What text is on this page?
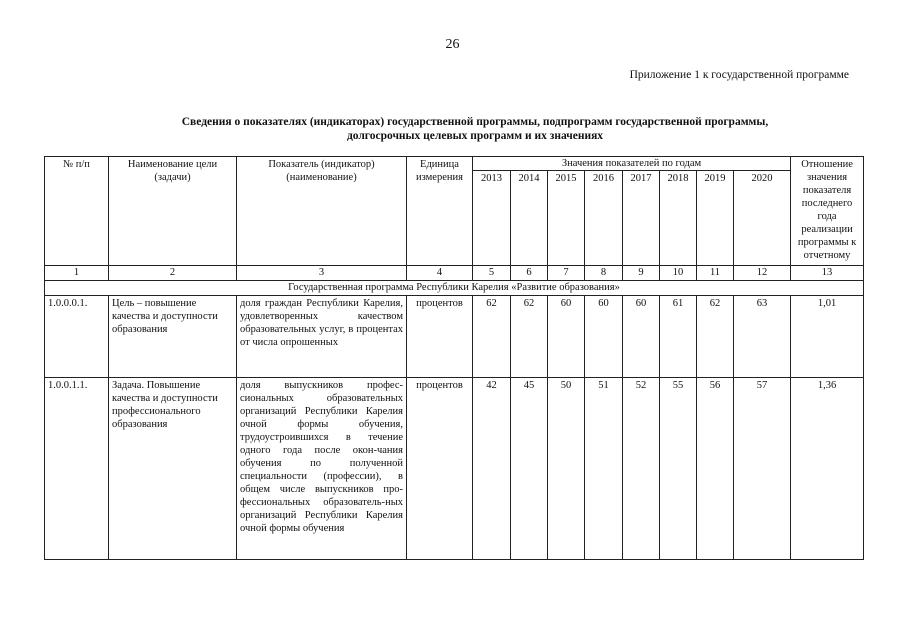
26
Приложение 1 к государственной программе
Сведения о показателях (индикаторах) государственной программы, подпрограмм государственной программы,
долгосрочных целевых программ и их значениях
№ п/п	Наименование цели (задачи)	Показатель (индикатор) (наименование)	Единица измерения	Значения показателей по годам								Отношение значения показателя последнего года реализации программы к отчетному
				2013	2014	2015	2016	2017	2018	2019	2020	
1	2	3	4	5	6	7	8	9	10	11	12	13
Государственная программа Республики Карелия «Развитие образования»												
1.0.0.0.1.	Цель – повышение качества и доступности образования	доля граждан Республики Карелия, удовлетворенных качеством образовательных услуг, в процентах от числа опрошенных	процентов	62	62	60	60	60	61	62	63	1,01
1.0.0.1.1.	Задача. Повышение качества и доступности профессионального образования	доля выпускников профес-сиональных образовательных организаций Республики Карелия очной формы обучения, трудоустроившихся в течение одного года после окон-чания обучения по полученной специальности (профессии), в общем числе выпускников про-фессиональных образователь-ных организаций Республики Карелия очной формы обучения	процентов	42	45	50	51	52	55	56	57	1,36
